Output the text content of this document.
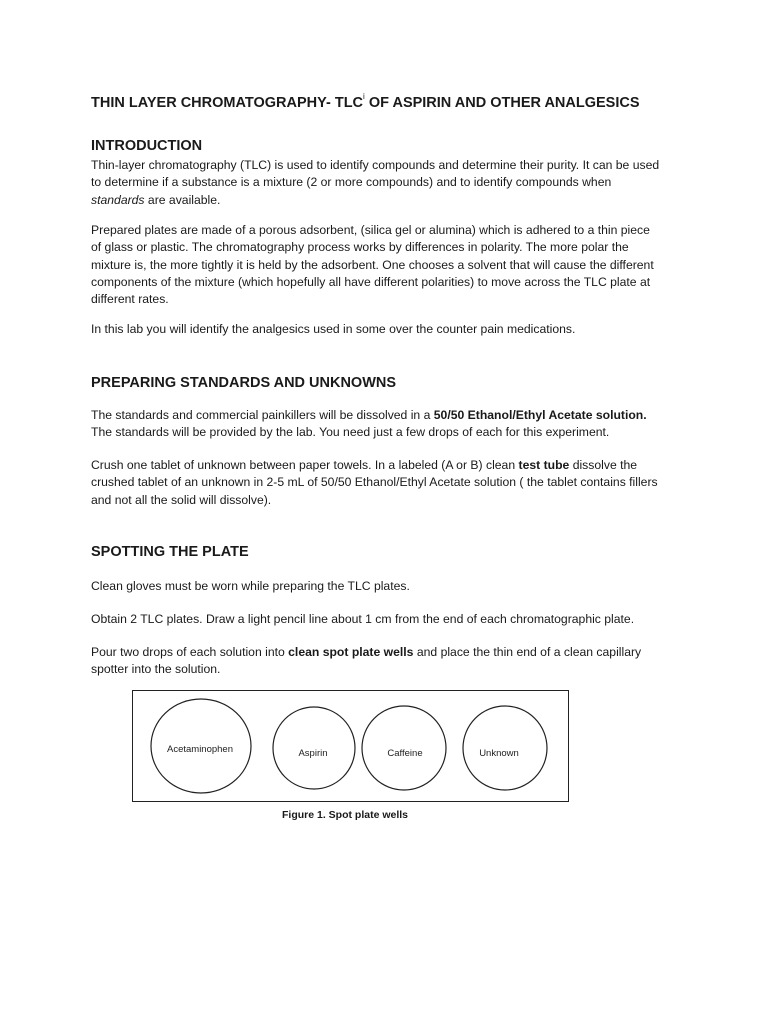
THIN LAYER CHROMATOGRAPHY- TLC$^i$ OF ASPIRIN AND OTHER ANALGESICS
INTRODUCTION
Thin-layer chromatography (TLC) is used to identify compounds and determine their purity. It can be used
to determine if a substance is a mixture (2 or more compounds) and to identify compounds when
standards are available.
Prepared plates are made of a porous adsorbent, (silica gel or alumina) which is adhered to a thin piece
of glass or plastic. The chromatography process works by differences in polarity. The more polar the
mixture is, the more tightly it is held by the adsorbent. One chooses a solvent that will cause the different
components of the mixture (which hopefully all have different polarities) to move across the TLC plate at
different rates.
In this lab you will identify the analgesics used in some over the counter pain medications.
PREPARING STANDARDS AND UNKNOWNS
The standards and commercial painkillers will be dissolved in a 50/50 Ethanol/Ethyl Acetate solution.
The standards will be provided by the lab. You need just a few drops of each for this experiment.
Crush one tablet of unknown between paper towels. In a labeled (A or B) clean test tube dissolve the
crushed tablet of an unknown in 2-5 mL of 50/50 Ethanol/Ethyl Acetate solution ( the tablet contains fillers
and not all the solid will dissolve).
SPOTTING THE PLATE
Clean gloves must be worn while preparing the TLC plates.
Obtain 2 TLC plates. Draw a light pencil line about 1 cm from the end of each chromatographic plate.
Pour two drops of each solution into clean spot plate wells and place the thin end of a clean capillary
spotter into the solution.
Acetaminophen	Aspirin	Caffeine	Unknown
Figure 1. Spot plate wells
